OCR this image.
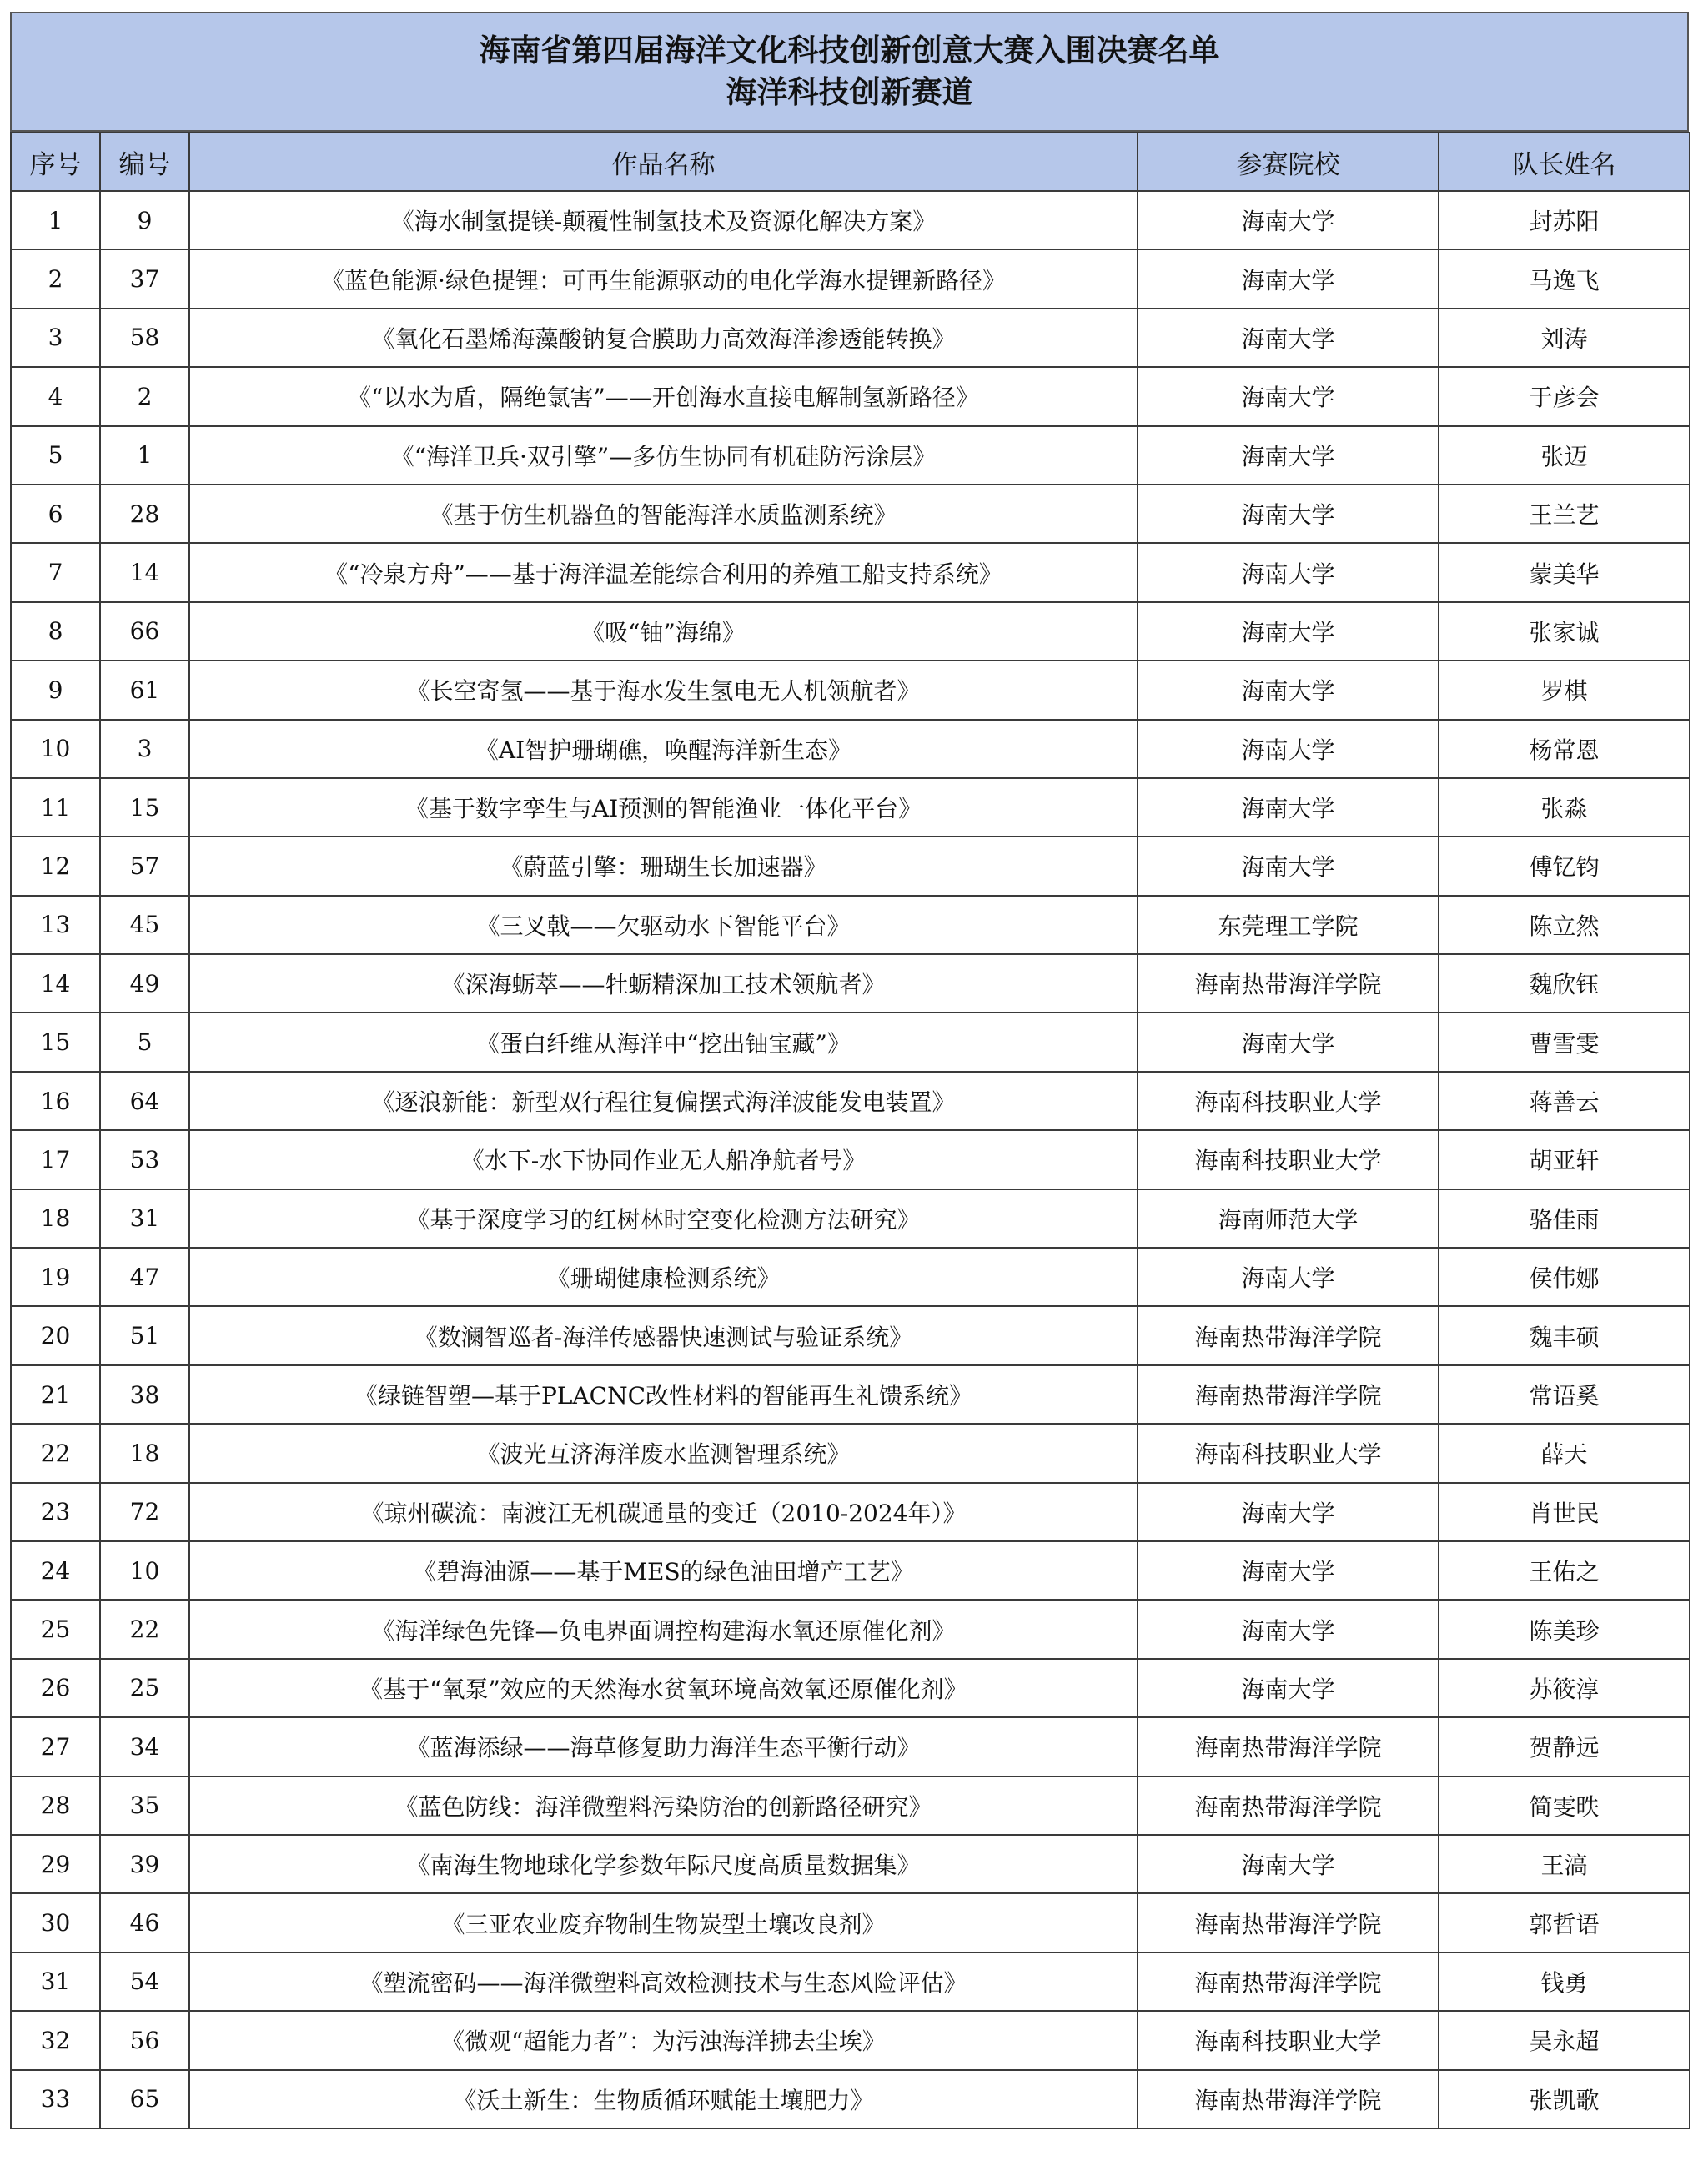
海南省第四届海洋文化科技创新创意大赛入围决赛名单
海洋科技创新赛道
序号	编号	作品名称	参赛院校	队长姓名
1	9	《海水制氢提镁-颠覆性制氢技术及资源化解决方案》	海南大学	封苏阳
2	37	《蓝色能源·绿色提锂：可再生能源驱动的电化学海水提锂新路径》	海南大学	马逸飞
3	58	《氧化石墨烯海藻酸钠复合膜助力高效海洋渗透能转换》	海南大学	刘涛
4	2	《“以水为盾，隔绝氯害”——开创海水直接电解制氢新路径》	海南大学	于彦会
5	1	《“海洋卫兵·双引擎”—多仿生协同有机硅防污涂层》	海南大学	张迈
6	28	《基于仿生机器鱼的智能海洋水质监测系统》	海南大学	王兰艺
7	14	《“冷泉方舟”——基于海洋温差能综合利用的养殖工船支持系统》	海南大学	蒙美华
8	66	《吸“铀”海绵》	海南大学	张家诚
9	61	《长空寄氢——基于海水发生氢电无人机领航者》	海南大学	罗棋
10	3	《AI智护珊瑚礁，唤醒海洋新生态》	海南大学	杨常恩
11	15	《基于数字孪生与AI预测的智能渔业一体化平台》	海南大学	张淼
12	57	《蔚蓝引擎：珊瑚生长加速器》	海南大学	傅钇钧
13	45	《三叉戟——欠驱动水下智能平台》	东莞理工学院	陈立然
14	49	《深海蛎萃——牡蛎精深加工技术领航者》	海南热带海洋学院	魏欣钰
15	5	《蛋白纤维从海洋中“挖出铀宝藏”》	海南大学	曹雪雯
16	64	《逐浪新能：新型双行程往复偏摆式海洋波能发电装置》	海南科技职业大学	蒋善云
17	53	《水下-水下协同作业无人船净航者号》	海南科技职业大学	胡亚轩
18	31	《基于深度学习的红树林时空变化检测方法研究》	海南师范大学	骆佳雨
19	47	《珊瑚健康检测系统》	海南大学	侯伟娜
20	51	《数澜智巡者-海洋传感器快速测试与验证系统》	海南热带海洋学院	魏丰硕
21	38	《绿链智塑—基于PLACNC改性材料的智能再生礼馈系统》	海南热带海洋学院	常语奚
22	18	《波光互济海洋废水监测智理系统》	海南科技职业大学	薛天
23	72	《琼州碳流：南渡江无机碳通量的变迁（2010-2024年）》	海南大学	肖世民
24	10	《碧海油源——基于MES的绿色油田增产工艺》	海南大学	王佑之
25	22	《海洋绿色先锋—负电界面调控构建海水氧还原催化剂》	海南大学	陈美珍
26	25	《基于“氧泵”效应的天然海水贫氧环境高效氧还原催化剂》	海南大学	苏筱淳
27	34	《蓝海添绿——海草修复助力海洋生态平衡行动》	海南热带海洋学院	贺静远
28	35	《蓝色防线：海洋微塑料污染防治的创新路径研究》	海南热带海洋学院	简雯昳
29	39	《南海生物地球化学参数年际尺度高质量数据集》	海南大学	王滈
30	46	《三亚农业废弃物制生物炭型土壤改良剂》	海南热带海洋学院	郭哲语
31	54	《塑流密码——海洋微塑料高效检测技术与生态风险评估》	海南热带海洋学院	钱勇
32	56	《微观“超能力者”：为污浊海洋拂去尘埃》	海南科技职业大学	吴永超
33	65	《沃土新生：生物质循环赋能土壤肥力》	海南热带海洋学院	张凯歌
